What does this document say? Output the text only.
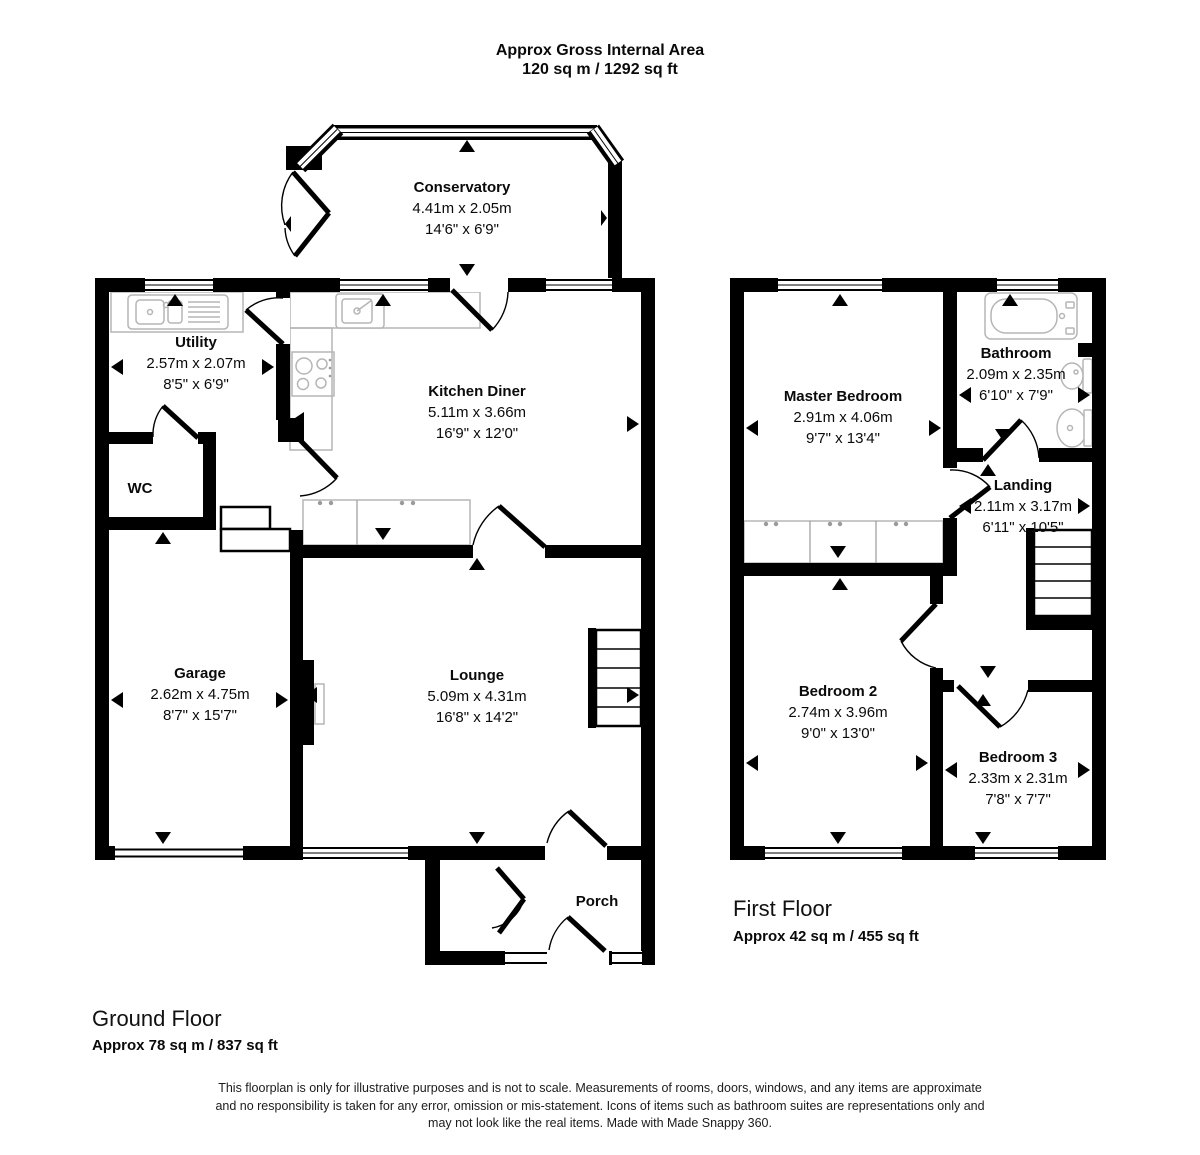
Approx Gross Internal Area
120 sq m / 1292 sq ft
Conservatory
4.41m x 2.05m
14'6" x 6'9"
Utility
2.57m x 2.07m
8'5" x 6'9"	Kitchen Diner
5.11m x 3.66m
16'9" x 12'0"
WC
Garage
2.62m x 4.75m
8'7" x 15'7"
Lounge
5.09m x 4.31m
16'8" x 14'2"
Porch
Master Bedroom
2.91m x 4.06m
9'7" x 13'4"
Bathroom
2.09m x 2.35m
6'10" x 7'9"
Landing
2.11m x 3.17m
6'11" x 10'5"
Bedroom 2
2.74m x 3.96m
9'0" x 13'0"
Bedroom 3
2.33m x 2.31m
7'8" x 7'7"
Ground Floor
Approx 78 sq m / 837 sq ft
First Floor
Approx 42 sq m / 455 sq ft
This floorplan is only for illustrative purposes and is not to scale. Measurements of rooms, doors, windows, and any items are approximate
and no responsibility is taken for any error, omission or mis-statement. Icons of items such as bathroom suites are representations only and
may not look like the real items. Made with Made Snappy 360.
